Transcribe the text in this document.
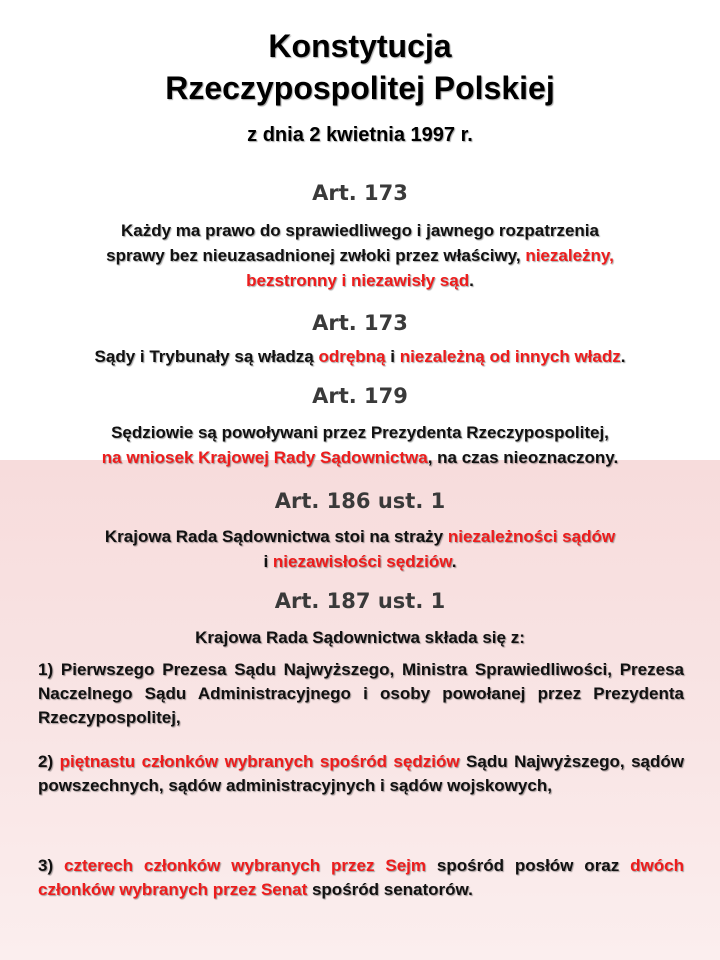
Konstytucja
Rzeczypospolitej Polskiej
z dnia 2 kwietnia 1997 r.
Art. 173
Każdy ma prawo do sprawiedliwego i jawnego rozpatrzenia
sprawy bez nieuzasadnionej zwłoki przez właściwy, niezależny,
bezstronny i niezawisły sąd.
Art. 173
Sądy i Trybunały są władzą odrębną i niezależną od innych władz.
Art. 179
Sędziowie są powoływani przez Prezydenta Rzeczypospolitej,
na wniosek Krajowej Rady Sądownictwa, na czas nieoznaczony.
Art. 186 ust. 1
Krajowa Rada Sądownictwa stoi na straży niezależności sądów
i niezawisłości sędziów.
Art. 187 ust. 1
Krajowa Rada Sądownictwa składa się z:
1) Pierwszego Prezesa Sądu Najwyższego, Ministra Sprawiedliwości, Prezesa Naczelnego Sądu Administracyjnego i osoby powołanej przez Prezydenta Rzeczypospolitej,
2) piętnastu członków wybranych spośród sędziów Sądu Najwyższego, sądów powszechnych, sądów administracyjnych i sądów wojskowych,
3) czterech członków wybranych przez Sejm spośród posłów oraz dwóch członków wybranych przez Senat spośród senatorów.
